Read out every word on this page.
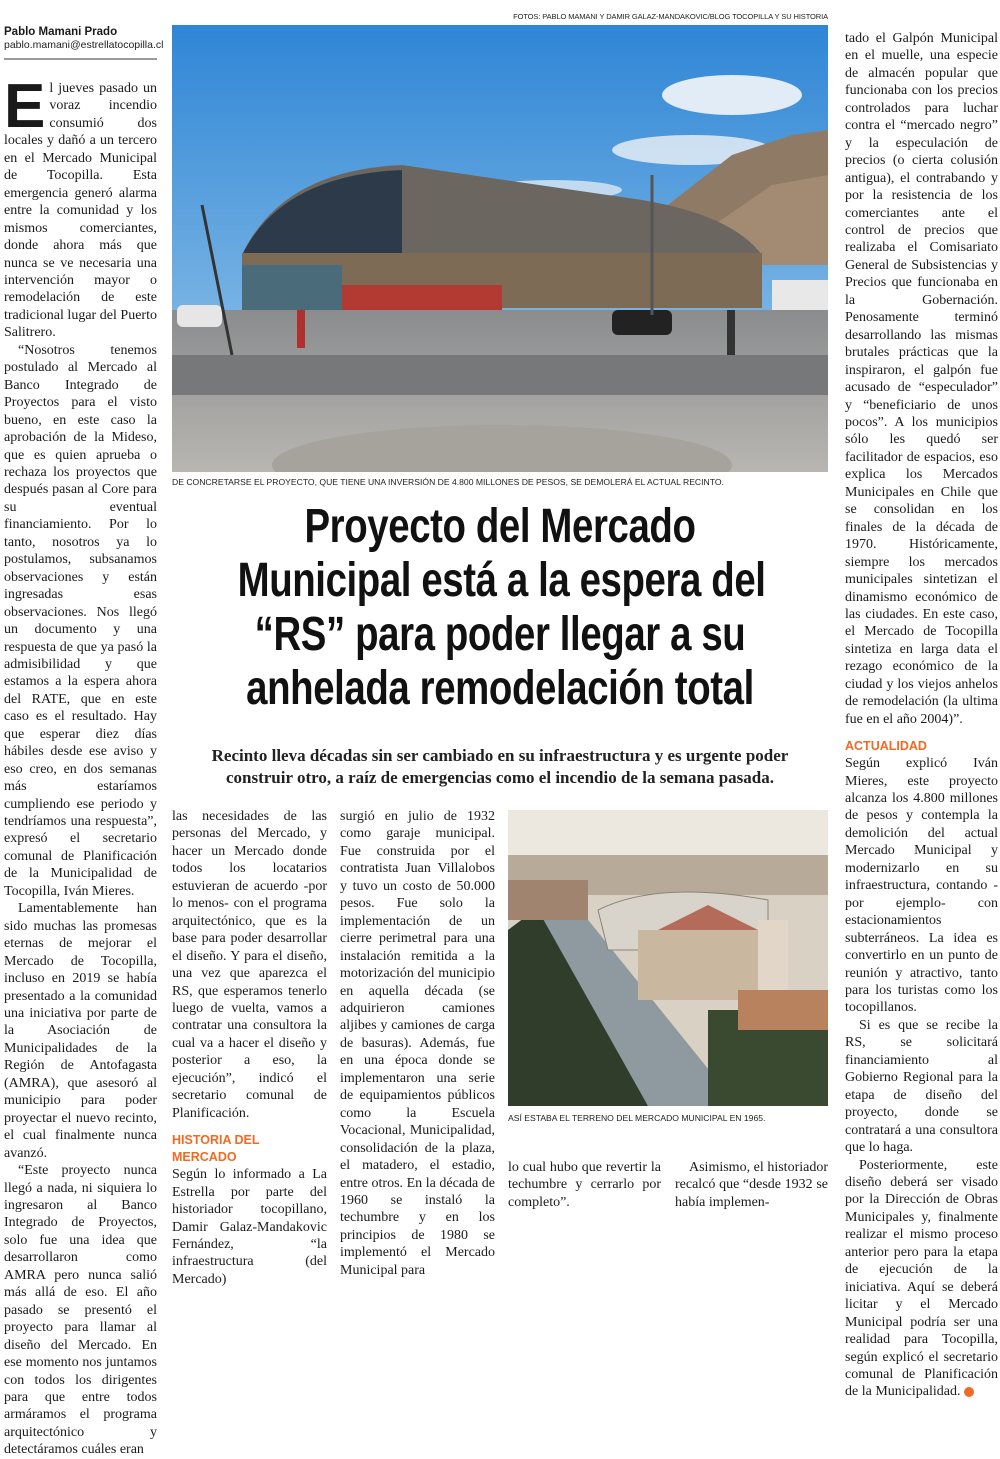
Pablo Mamani Prado
pablo.mamani@estrellatocopilla.cl

El jueves pasado un voraz incendio consumió dos locales y dañó a un tercero en el Mercado Municipal de Tocopilla. Esta emergencia generó alarma entre la comunidad y los mismos comerciantes, donde ahora más que nunca se ve necesaria una intervención mayor o remodelación de este tradicional lugar del Puerto Salitrero.

“Nosotros tenemos postulado al Mercado al Banco Integrado de Proyectos para el visto bueno, en este caso la aprobación de la Mideso, que es quien aprueba o rechaza los proyectos que después pasan al Core para su eventual financiamiento. Por lo tanto, nosotros ya lo postulamos, subsanamos observaciones y están ingresadas esas observaciones. Nos llegó un documento y una respuesta de que ya pasó la admisibilidad y que estamos a la espera ahora del RATE, que en este caso es el resultado. Hay que esperar diez días hábiles desde ese aviso y eso creo, en dos semanas más estaríamos cumpliendo ese periodo y tendríamos una respuesta”, expresó el secretario comunal de Planificación de la Municipalidad de Tocopilla, Iván Mieres.

Lamentablemente han sido muchas las promesas eternas de mejorar el Mercado de Tocopilla, incluso en 2019 se había presentado a la comunidad una iniciativa por parte de la Asociación de Municipalidades de la Región de Antofagasta (AMRA), que asesoró al municipio para poder proyectar el nuevo recinto, el cual finalmente nunca avanzó.

“Este proyecto nunca llegó a nada, ni siquiera lo ingresaron al Banco Integrado de Proyectos, solo fue una idea que desarrollaron como AMRA pero nunca salió más allá de eso. El año pasado se presentó el proyecto para llamar al diseño del Mercado. En ese momento nos juntamos con todos los dirigentes para que entre todos armáramos el programa arquitectónico y detectáramos cuáles eran

FOTOS: PABLO MAMANI Y DAMIR GALAZ-MANDAKOVIC/BLOG TOCOPILLA Y SU HISTORIA
DE CONCRETARSE EL PROYECTO, QUE TIENE UNA INVERSIÓN DE 4.800 MILLONES DE PESOS, SE DEMOLERÁ EL ACTUAL RECINTO.
Proyecto del Mercado
Municipal está a la espera del
“RS” para poder llegar a su
anhelada remodelación total
Recinto lleva décadas sin ser cambiado en su infraestructura y es urgente poder
construir otro, a raíz de emergencias como el incendio de la semana pasada.

las necesidades de las personas del Mercado, y hacer un Mercado donde todos los locatarios estuvieran de acuerdo -por lo menos- con el programa arquitectónico, que es la base para poder desarrollar el diseño. Y para el diseño, una vez que aparezca el RS, que esperamos tenerlo luego de vuelta, vamos a contratar una consultora la cual va a hacer el diseño y posterior a eso, la ejecución”, indicó el secretario comunal de Planificación.

HISTORIA DEL MERCADO

Según lo informado a La Estrella por parte del historiador tocopillano, Damir Galaz-Mandakovic Fernández, “la infraestructura (del Mercado)

surgió en julio de 1932 como garaje municipal. Fue construida por el contratista Juan Villalobos y tuvo un costo de 50.000 pesos. Fue solo la implementación de un cierre perimetral para una instalación remitida a la motorización del municipio en aquella década (se adquirieron camiones aljibes y camiones de carga de basuras). Además, fue en una época donde se implementaron una serie de equipamientos públicos como la Escuela Vocacional, Municipalidad, consolidación de la plaza, el matadero, el estadio, entre otros. En la década de 1960 se instaló la techumbre y en los principios de 1980 se implementó el Mercado Municipal para

ASÍ ESTABA EL TERRENO DEL MERCADO MUNICIPAL EN 1965.

lo cual hubo que revertir la techumbre y cerrarlo por completo”.

Asimismo, el historiador recalcó que “desde 1932 se había implemen-

tado el Galpón Municipal en el muelle, una especie de almacén popular que funcionaba con los precios controlados para luchar contra el “mercado negro” y la especulación de precios (o cierta colusión antigua), el contrabando y por la resistencia de los comerciantes ante el control de precios que realizaba el Comisariato General de Subsistencias y Precios que funcionaba en la Gobernación. Penosamente terminó desarrollando las mismas brutales prácticas que la inspiraron, el galpón fue acusado de “especulador” y “beneficiario de unos pocos”. A los municipios sólo les quedó ser facilitador de espacios, eso explica los Mercados Municipales en Chile que se consolidan en los finales de la década de 1970. Históricamente, siempre los mercados municipales sintetizan el dinamismo económico de las ciudades. En este caso, el Mercado de Tocopilla sintetiza en larga data el rezago económico de la ciudad y los viejos anhelos de remodelación (la ultima fue en el año 2004)”.

ACTUALIDAD

Según explicó Iván Mieres, este proyecto alcanza los 4.800 millones de pesos y contempla la demolición del actual Mercado Municipal y modernizarlo en su infraestructura, contando -por ejemplo- con estacionamientos subterráneos. La idea es convertirlo en un punto de reunión y atractivo, tanto para los turistas como los tocopillanos.

Si es que se recibe la RS, se solicitará financiamiento al Gobierno Regional para la etapa de diseño del proyecto, donde se contratará a una consultora que lo haga.

Posteriormente, este diseño deberá ser visado por la Dirección de Obras Municipales y, finalmente realizar el mismo proceso anterior pero para la etapa de ejecución de la iniciativa. Aquí se deberá licitar y el Mercado Municipal podría ser una realidad para Tocopilla, según explicó el secretario comunal de Planificación de la Municipalidad. ★
